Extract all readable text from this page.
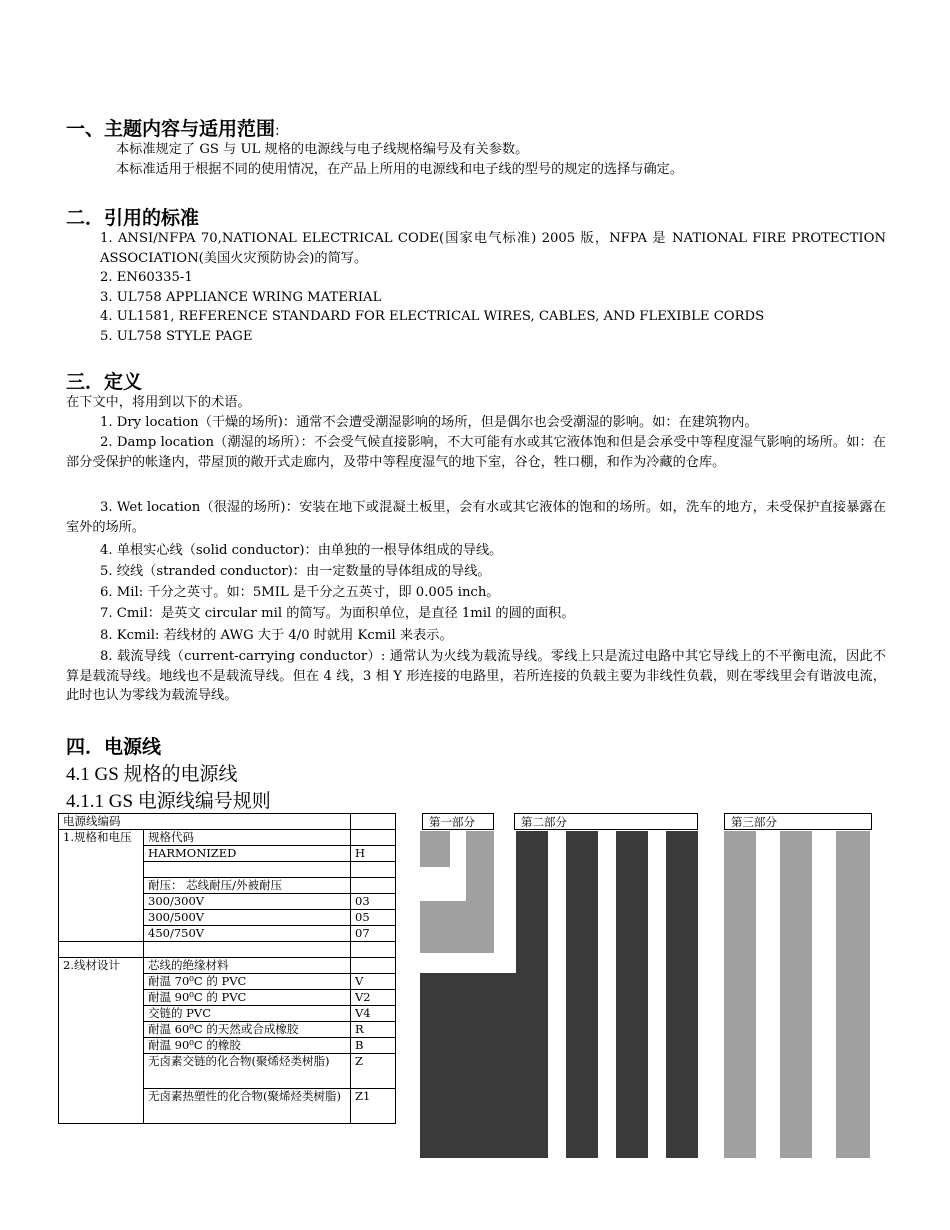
一、主题内容与适用范围:
本标准规定了 GS 与 UL 规格的电源线与电子线规格编号及有关参数。
本标准适用于根据不同的使用情况，在产品上所用的电源线和电子线的型号的规定的选择与确定。
二．引用的标准
1. ANSI/NFPA 70,NATIONAL ELECTRICAL CODE(国家电气标准) 2005 版，NFPA 是 NATIONAL FIRE PROTECTION ASSOCIATION(美国火灾预防协会)的简写。
2. EN60335-1
3. UL758 APPLIANCE WRING MATERIAL
4. UL1581, REFERENCE STANDARD FOR ELECTRICAL WIRES, CABLES, AND FLEXIBLE CORDS
5. UL758 STYLE PAGE
三．定义
在下文中，将用到以下的术语。
1. Dry location（干燥的场所)：通常不会遭受潮湿影响的场所，但是偶尔也会受潮湿的影响。如：在建筑物内。
2. Damp location（潮湿的场所）：不会受气候直接影响，不大可能有水或其它液体饱和但是会承受中等程度湿气影响的场所。如：在部分受保护的帐逢内，带屋顶的敞开式走廊内，及带中等程度湿气的地下室，谷仓，牲口棚，和作为冷藏的仓库。
3. Wet location（很湿的场所)：安装在地下或混凝土板里，会有水或其它液体的饱和的场所。如，洗车的地方，未受保护直接暴露在室外的场所。
4. 单根实心线（solid conductor)：由单独的一根导体组成的导线。
5. 绞线（stranded conductor)：由一定数量的导体组成的导线。
6. Mil: 千分之英寸。如：5MIL 是千分之五英寸，即 0.005 inch。
7. Cmil：是英文 circular mil 的简写。为面积单位，是直径 1mil 的圆的面积。
8. Kcmil: 若线材的 AWG 大于 4/0 时就用 Kcmil 来表示。
8. 载流导线（current-carrying conductor）: 通常认为火线为载流导线。零线上只是流过电路中其它导线上的不平衡电流，因此不算是载流导线。地线也不是载流导线。但在 4 线，3 相 Y 形连接的电路里，若所连接的负载主要为非线性负载，则在零线里会有谐波电流，此时也认为零线为载流导线。
四．电源线
4.1 GS 规格的电源线
4.1.1 GS 电源线编号规则
电源线编码		
1.规格和电压	规格代码	
	HARMONIZED	H

	耐压： 芯线耐压/外被耐压	
	300/300V	03
	300/500V	05
	450/750V	07

2.线材设计	芯线的绝缘材料	
	耐温 70⁰C 的 PVC	V
	耐温 90⁰C 的 PVC	V2
	交链的 PVC	V4
	耐温 60⁰C 的天然或合成橡胶	R
	耐温 90⁰C 的橡胶	B
	无卤素交链的化合物(聚烯烃类树脂)	Z
	无卤素热塑性的化合物(聚烯烃类树脂)	Z1
第一部分	第二部分	第三部分
